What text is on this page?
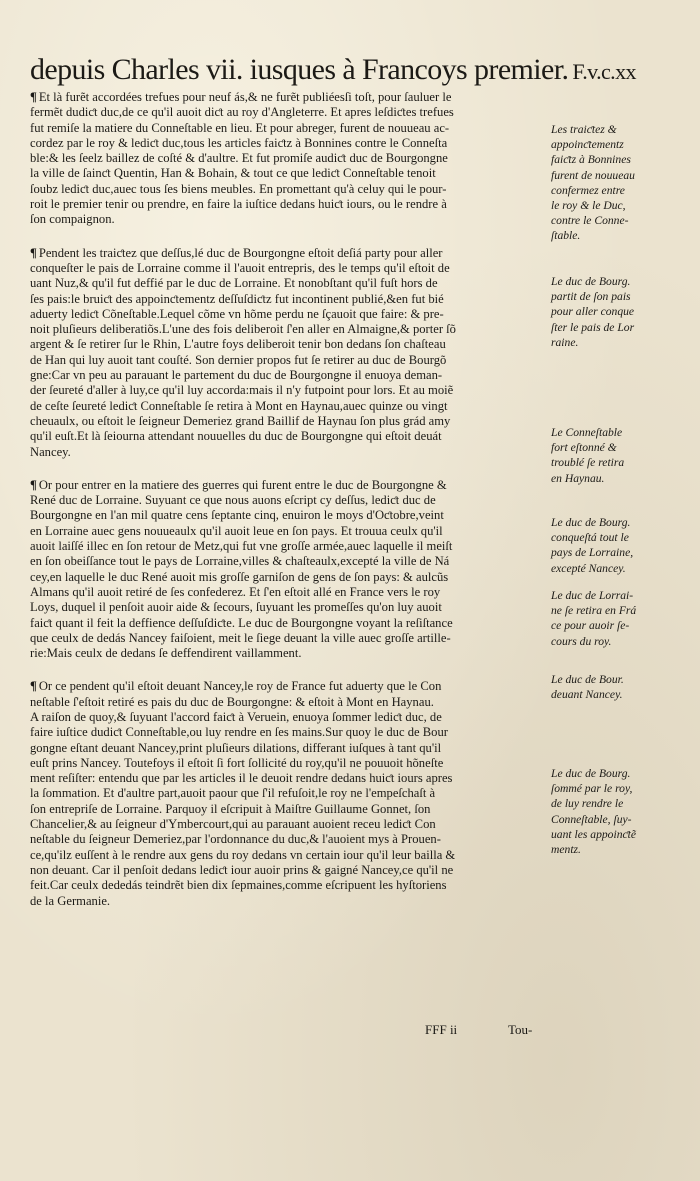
depuis Charles vii. iusques à Francoys premier. F.v.c.xx
¶ Et là furẽt accordées trefues pour neuf ás,& ne furẽt publiéesſi toſt, pour ſauluer le
fermẽt dudiƈt duc,de ce qu'il auoit diƈt au roy d'Angleterre. Et apres leſdiƈtes trefues
fut remiſe la matiere du Conneſtable en lieu. Et pour abreger, furent de nouueau ac-
cordez par le roy & lediƈt duc,tous les articles faiƈtz à Bonnines contre le Conneſta
ble:& les ſeelz baillez de coſté & d'aultre. Et fut promiſe audiƈt duc de Bourgongne
la ville de ſainƈt Quentin, Han & Bohain, & tout ce que lediƈt Conneſtable tenoit
ſoubz lediƈt duc,auec tous ſes biens meubles. En promettant qu'à celuy qui le pour-
roit le premier tenir ou prendre, en faire la iuſtice dedans huiƈt iours, ou le rendre à
ſon compaignon.
¶ Pendent les traiƈtez que deſſus,lé duc de Bourgongne eſtoit deſiá party pour aller
conqueſter le pais de Lorraine comme il l'auoit entrepris, des le temps qu'il eſtoit de
uant Nuz,& qu'il fut deffié par le duc de Lorraine. Et nonobſtant qu'il fuſt hors de
ſes pais:le bruiƈt des appoinƈtementz deſſuſdiƈtz fut incontinent publié,&en fut bié
aduerty lediƈt Cõneſtable.Lequel cõme vn hõme perdu ne ſçauoit que faire: & pre-
noit pluſieurs deliberatiõs.L'une des fois deliberoit ſ'en aller en Almaigne,& porter ſõ
argent & ſe retirer ſur le Rhin, L'autre foys deliberoit tenir bon dedans ſon chaſteau
de Han qui luy auoit tant couſté. Son dernier propos fut ſe retirer au duc de Bourgõ
gne:Car vn peu au parauant le partement du duc de Bourgongne il enuoya deman-
der ſeureté d'aller à luy,ce qu'il luy accorda:mais il n'y futpoint pour lors. Et au moiẽ
de ceſte ſeureté lediƈt Conneſtable ſe retira à Mont en Haynau,auec quinze ou vingt
cheuaulx, ou eſtoit le ſeigneur Demeriez grand Baillif de Haynau ſon plus grád amy
qu'il euſt.Et là ſeiourna attendant nouuelles du duc de Bourgongne qui eſtoit deuát
Nancey.
¶ Or pour entrer en la matiere des guerres qui furent entre le duc de Bourgongne &
René duc de Lorraine. Suyuant ce que nous auons eſcript cy deſſus, lediƈt duc de
Bourgongne en l'an mil quatre cens ſeptante cinq, enuiron le moys d'Oƈtobre,veint
en Lorraine auec gens nouueaulx qu'il auoit leue en ſon pays. Et trouua ceulx qu'il
auoit laiſſé illec en ſon retour de Metz,qui fut vne groſſe armée,auec laquelle il meiſt
en ſon obeiſſance tout le pays de Lorraine,villes & chaſteaulx,excepté la ville de Ná
cey,en laquelle le duc René auoit mis groſſe garniſon de gens de ſon pays: & aulcũs
Almans qu'il auoit retiré de ſes confederez. Et ſ'en eſtoit allé en France vers le roy
Loys, duquel il penſoit auoir aide & ſecours, ſuyuant les promeſſes qu'on luy auoit
faiƈt quant il feit la deffience deſſuſdiƈte. Le duc de Bourgongne voyant la reſiſtance
que ceulx de dedás Nancey faiſoient, meit le ſiege deuant la ville auec groſſe artille-
rie:Mais ceulx de dedans ſe deffendirent vaillamment.
¶ Or ce pendent qu'il eſtoit deuant Nancey,le roy de France fut aduerty que le Con
neſtable ſ'eſtoit retiré es pais du duc de Bourgongne: & eſtoit à Mont en Haynau.
A raiſon de quoy,& ſuyuant l'accord faiƈt à Veruein, enuoya ſommer lediƈt duc, de
faire iuſtice dudiƈt Conneſtable,ou luy rendre en ſes mains.Sur quoy le duc de Bour
gongne eſtant deuant Nancey,print pluſieurs dilations, differant iuſques à tant qu'il
euſt prins Nancey. Toutefoys il eſtoit ſi fort ſollicité du roy,qu'il ne pouuoit hõneſte
ment reſiſter: entendu que par les articles il le deuoit rendre dedans huiƈt iours apres
la ſommation. Et d'aultre part,auoit paour que ſ'il refuſoit,le roy ne l'empeſchaſt à
ſon entrepriſe de Lorraine. Parquoy il eſcripuit à Maiſtre Guillaume Gonnet, ſon
Chancelier,& au ſeigneur d'Ymbercourt,qui au parauant auoient receu lediƈt Con
neſtable du ſeigneur Demeriez,par l'ordonnance du duc,& l'auoient mys à Prouen-
ce,qu'ilz euſſent à le rendre aux gens du roy dedans vn certain iour qu'il leur bailla &
non deuant. Car il penſoit dedans lediƈt iour auoir prins & gaigné Nancey,ce qu'il ne
feit.Car ceulx dededás teindrẽt bien dix ſepmaines,comme eſcripuent les hyſtoriens
de la Germanie.
Les traiƈtez &
appoinƈtementz
faiƈtz à Bonnines
furent de nouueau
confermez entre
le roy & le Duc,
contre le Conne-
ſtable.
Le duc de Bourg.
partit de ſon pais
pour aller conque
ſter le pais de Lor
raine.
Le Conneſtable
fort eſtonné &
troublé ſe retira
en Haynau.
Le duc de Bourg.
conqueſtá tout le
pays de Lorraine,
excepté Nancey.
Le duc de Lorrai-
ne ſe retira en Frá
ce pour auoir ſe-
cours du roy.
Le duc de Bour.
deuant Nancey.
Le duc de Bourg.
ſommé par le roy,
de luy rendre le
Conneſtable, ſuy-
uant les appoinƈtẽ
mentz.
FFF ii	Tou-
